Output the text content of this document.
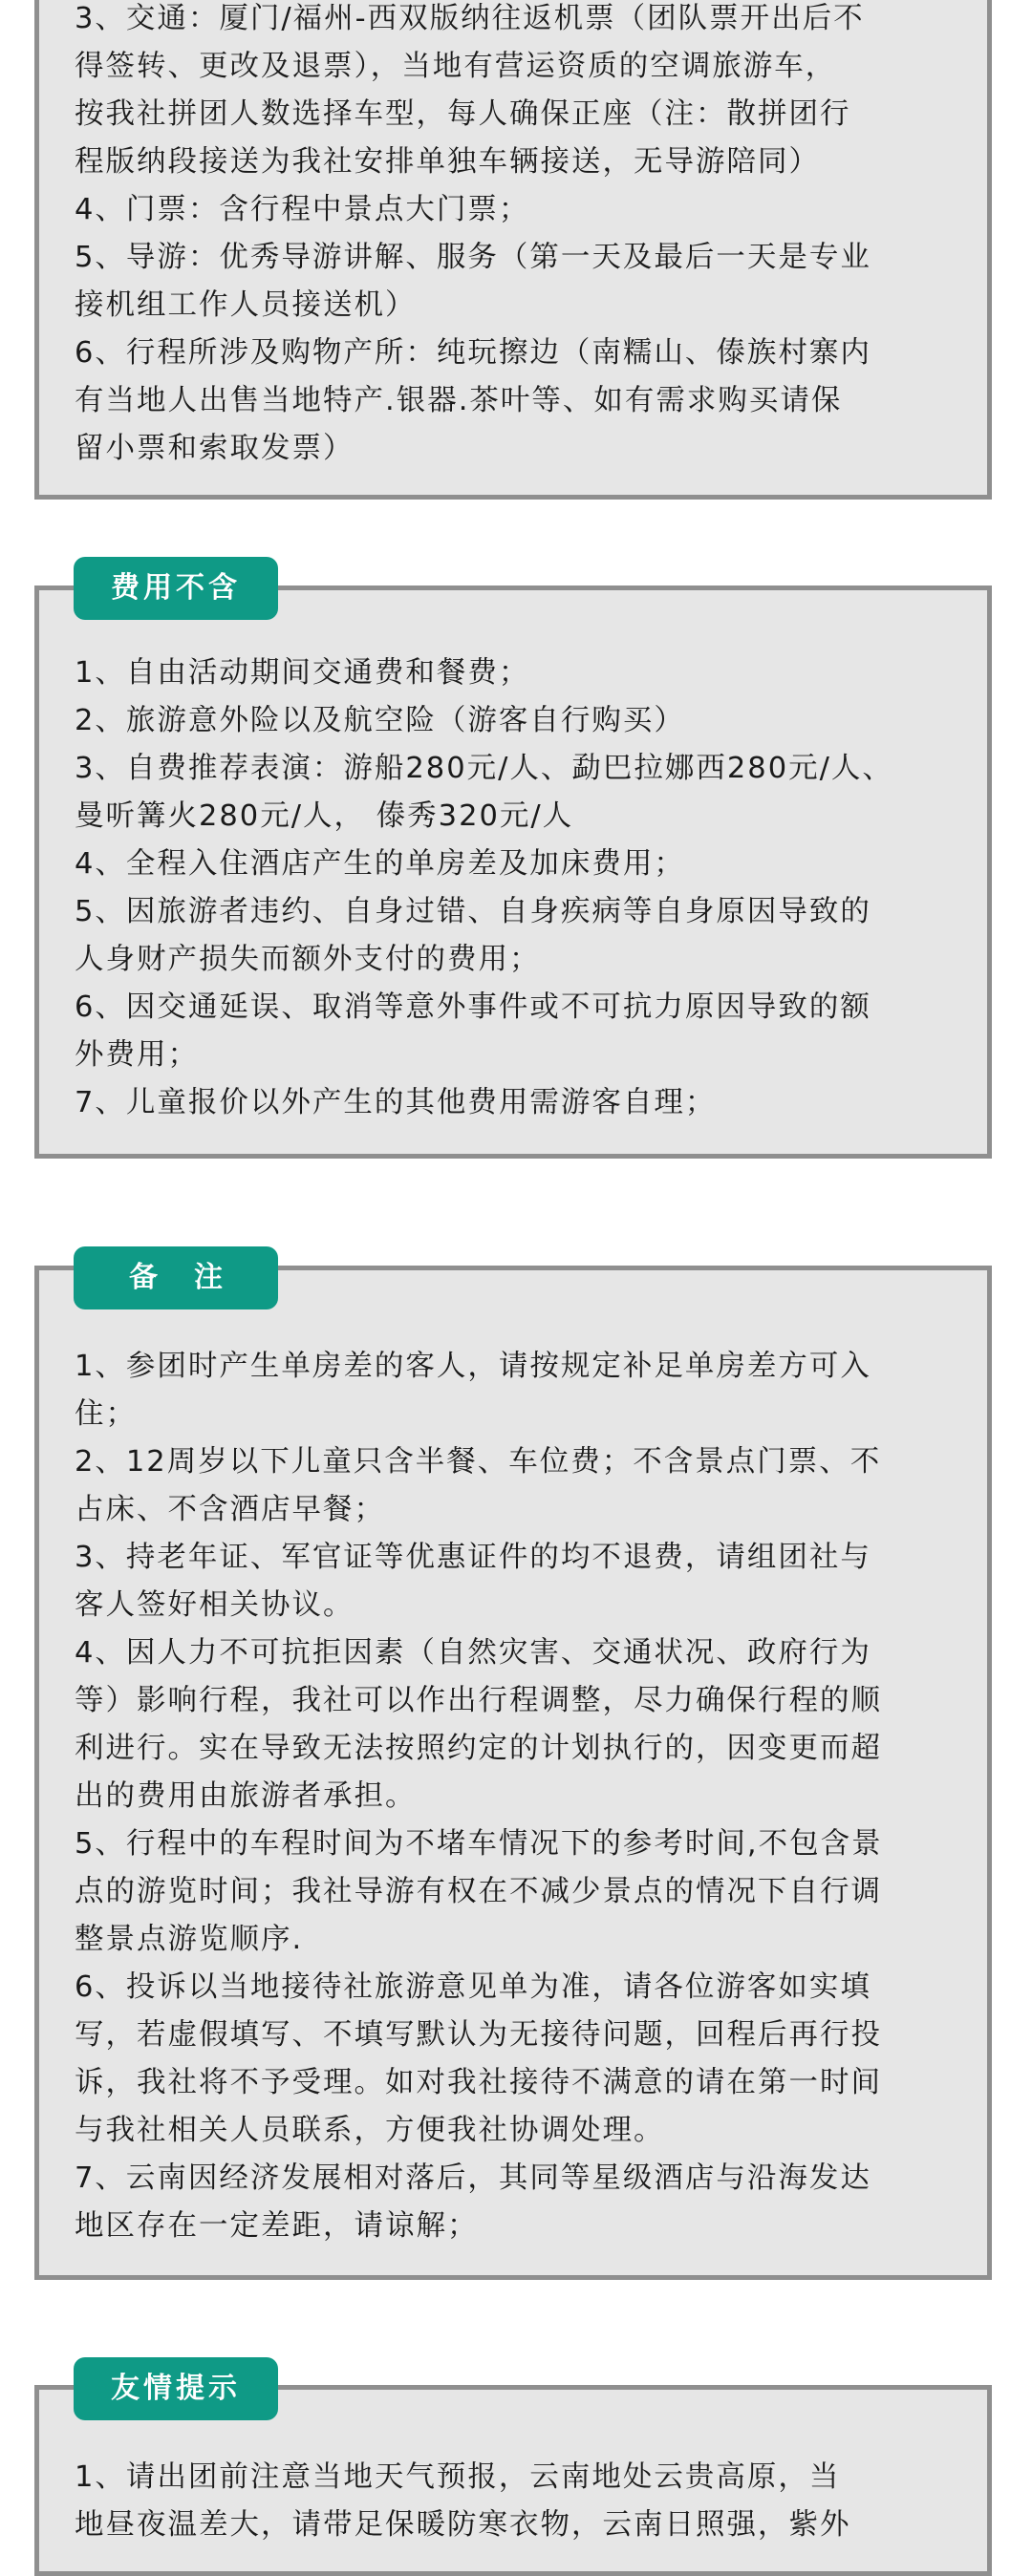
3、交通：厦门/福州-西双版纳往返机票（团队票开出后不
得签转、更改及退票），当地有营运资质的空调旅游车，
按我社拼团人数选择车型，每人确保正座（注：散拼团行
程版纳段接送为我社安排单独车辆接送，无导游陪同）
4、门票：含行程中景点大门票；
5、导游：优秀导游讲解、服务（第一天及最后一天是专业
接机组工作人员接送机）
6、行程所涉及购物产所：纯玩擦边（南糯山、傣族村寨内
有当地人出售当地特产.银器.茶叶等、如有需求购买请保
留小票和索取发票）
费用不含
1、自由活动期间交通费和餐费；
2、旅游意外险以及航空险（游客自行购买）
3、自费推荐表演：游船280元/人、勐巴拉娜西280元/人、
曼听篝火280元/人， 傣秀320元/人
4、全程入住酒店产生的单房差及加床费用；
5、因旅游者违约、自身过错、自身疾病等自身原因导致的
人身财产损失而额外支付的费用；
6、因交通延误、取消等意外事件或不可抗力原因导致的额
外费用；
7、儿童报价以外产生的其他费用需游客自理；
备注
1、参团时产生单房差的客人，请按规定补足单房差方可入
住；
2、12周岁以下儿童只含半餐、车位费；不含景点门票、不
占床、不含酒店早餐；
3、持老年证、军官证等优惠证件的均不退费，请组团社与
客人签好相关协议。
4、因人力不可抗拒因素（自然灾害、交通状况、政府行为
等）影响行程，我社可以作出行程调整，尽力确保行程的顺
利进行。实在导致无法按照约定的计划执行的，因变更而超
出的费用由旅游者承担。
5、行程中的车程时间为不堵车情况下的参考时间,不包含景
点的游览时间；我社导游有权在不减少景点的情况下自行调
整景点游览顺序.
6、投诉以当地接待社旅游意见单为准，请各位游客如实填
写，若虚假填写、不填写默认为无接待问题，回程后再行投
诉，我社将不予受理。如对我社接待不满意的请在第一时间
与我社相关人员联系，方便我社协调处理。
7、云南因经济发展相对落后，其同等星级酒店与沿海发达
地区存在一定差距，请谅解；
友情提示
1、请出团前注意当地天气预报，云南地处云贵高原，当
地昼夜温差大，请带足保暖防寒衣物，云南日照强，紫外
